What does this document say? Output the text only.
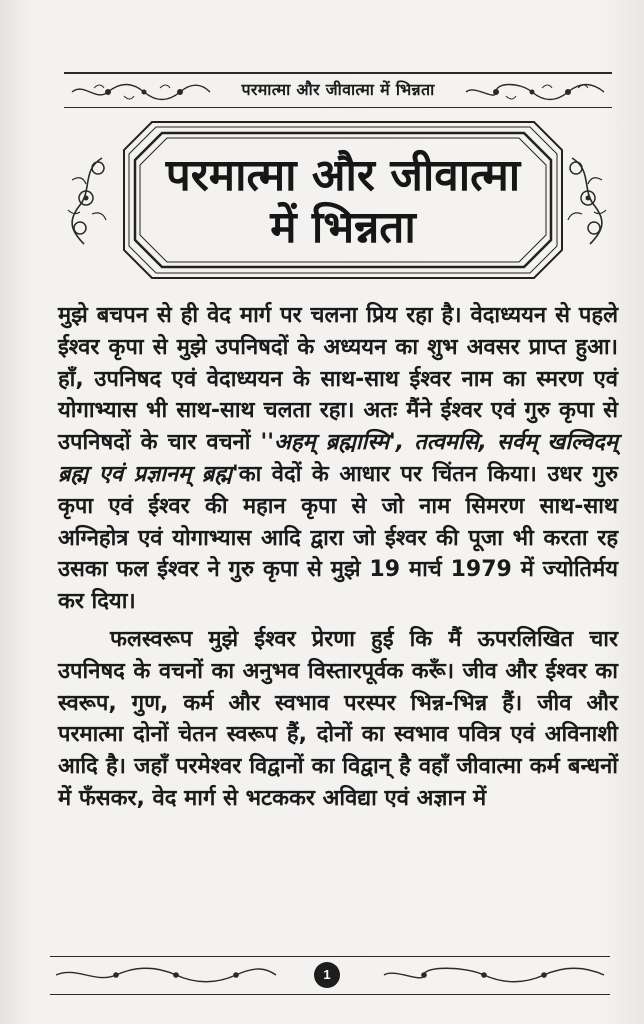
परमात्मा और जीवात्मा में भिन्नता
परमात्मा और जीवात्मा
में भिन्नता

मुझे बचपन से ही वेद मार्ग पर चलना प्रिय रहा है। वेदाध्ययन से पहले ईश्वर कृपा से मुझे उपनिषदों के अध्ययन का शुभ अवसर प्राप्त हुआ। हाँ, उपनिषद एवं वेदाध्ययन के साथ-साथ ईश्वर नाम का स्मरण एवं योगाभ्यास भी साथ-साथ चलता रहा। अतः मैंने ईश्वर एवं गुरु कृपा से उपनिषदों के चार वचनों ''अहम् ब्रह्मास्मि', तत्वमसि, सर्वम् खल्विदम् ब्रह्म एवं प्रज्ञानम् ब्रह्म'का वेदों के आधार पर चिंतन किया। उधर गुरु कृपा एवं ईश्वर की महान कृपा से जो नाम सिमरण साथ-साथ अग्निहोत्र एवं योगाभ्यास आदि द्वारा जो ईश्वर की पूजा भी करता रह उसका फल ईश्वर ने गुरु कृपा से मुझे 19 मार्च 1979 में ज्योतिर्मय कर दिया।

फलस्वरूप मुझे ईश्वर प्रेरणा हुई कि मैं ऊपरलिखित चार उपनिषद के वचनों का अनुभव विस्तारपूर्वक करूँ। जीव और ईश्वर का स्वरूप, गुण, कर्म और स्वभाव परस्पर भिन्न-भिन्न हैं। जीव और परमात्मा दोनों चेतन स्वरूप हैं, दोनों का स्वभाव पवित्र एवं अविनाशी आदि है। जहाँ परमेश्वर विद्वानों का विद्वान् है वहाँ जीवात्मा कर्म बन्धनों में फँसकर, वेद मार्ग से भटककर अविद्या एवं अज्ञान में

1
